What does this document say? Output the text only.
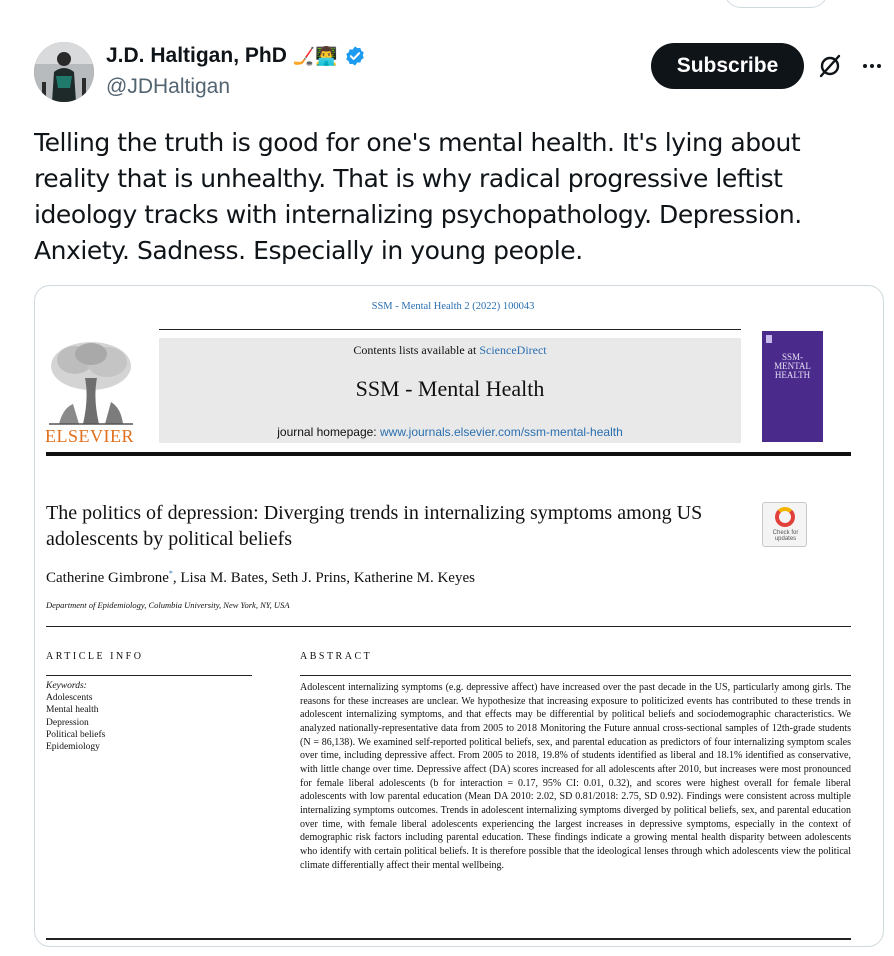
J.D. Haltigan, PhD 🏒👨‍💻
@JDHaltigan
Subscribe
Telling the truth is good for one's mental health. It's lying about reality that is unhealthy. That is why radical progressive leftist ideology tracks with internalizing psychopathology. Depression. Anxiety. Sadness. Especially in young people.
SSM - Mental Health 2 (2022) 100043
ELSEVIER
Contents lists available at ScienceDirect
SSM - Mental Health
journal homepage: www.journals.elsevier.com/ssm-mental-health
SSM-
MENTAL
HEALTH
The politics of depression: Diverging trends in internalizing symptoms among US adolescents by political beliefs	Check for
updates
Catherine Gimbrone*, Lisa M. Bates, Seth J. Prins, Katherine M. Keyes
Department of Epidemiology, Columbia University, New York, NY, USA
ARTICLE INFO	ABSTRACT
Keywords:
Adolescents
Mental health
Depression
Political beliefs
Epidemiology
Adolescent internalizing symptoms (e.g. depressive affect) have increased over the past decade in the US, particularly among girls. The reasons for these increases are unclear. We hypothesize that increasing exposure to politicized events has contributed to these trends in adolescent internalizing symptoms, and that effects may be differential by political beliefs and sociodemographic characteristics. We analyzed nationally-representative data from 2005 to 2018 Monitoring the Future annual cross-sectional samples of 12th-grade students (N = 86,138). We examined self-reported political beliefs, sex, and parental education as predictors of four internalizing symptom scales over time, including depressive affect. From 2005 to 2018, 19.8% of students identified as liberal and 18.1% identified as conservative, with little change over time. Depressive affect (DA) scores increased for all adolescents after 2010, but increases were most pronounced for female liberal adolescents (b for interaction = 0.17, 95% CI: 0.01, 0.32), and scores were highest overall for female liberal adolescents with low parental education (Mean DA 2010: 2.02, SD 0.81/2018: 2.75, SD 0.92). Findings were consistent across multiple internalizing symptoms outcomes. Trends in adolescent internalizing symptoms diverged by political beliefs, sex, and parental education over time, with female liberal adolescents experiencing the largest increases in depressive symptoms, especially in the context of demographic risk factors including parental education. These findings indicate a growing mental health disparity between adolescents who identify with certain political beliefs. It is therefore possible that the ideological lenses through which adolescents view the political climate differentially affect their mental wellbeing.
